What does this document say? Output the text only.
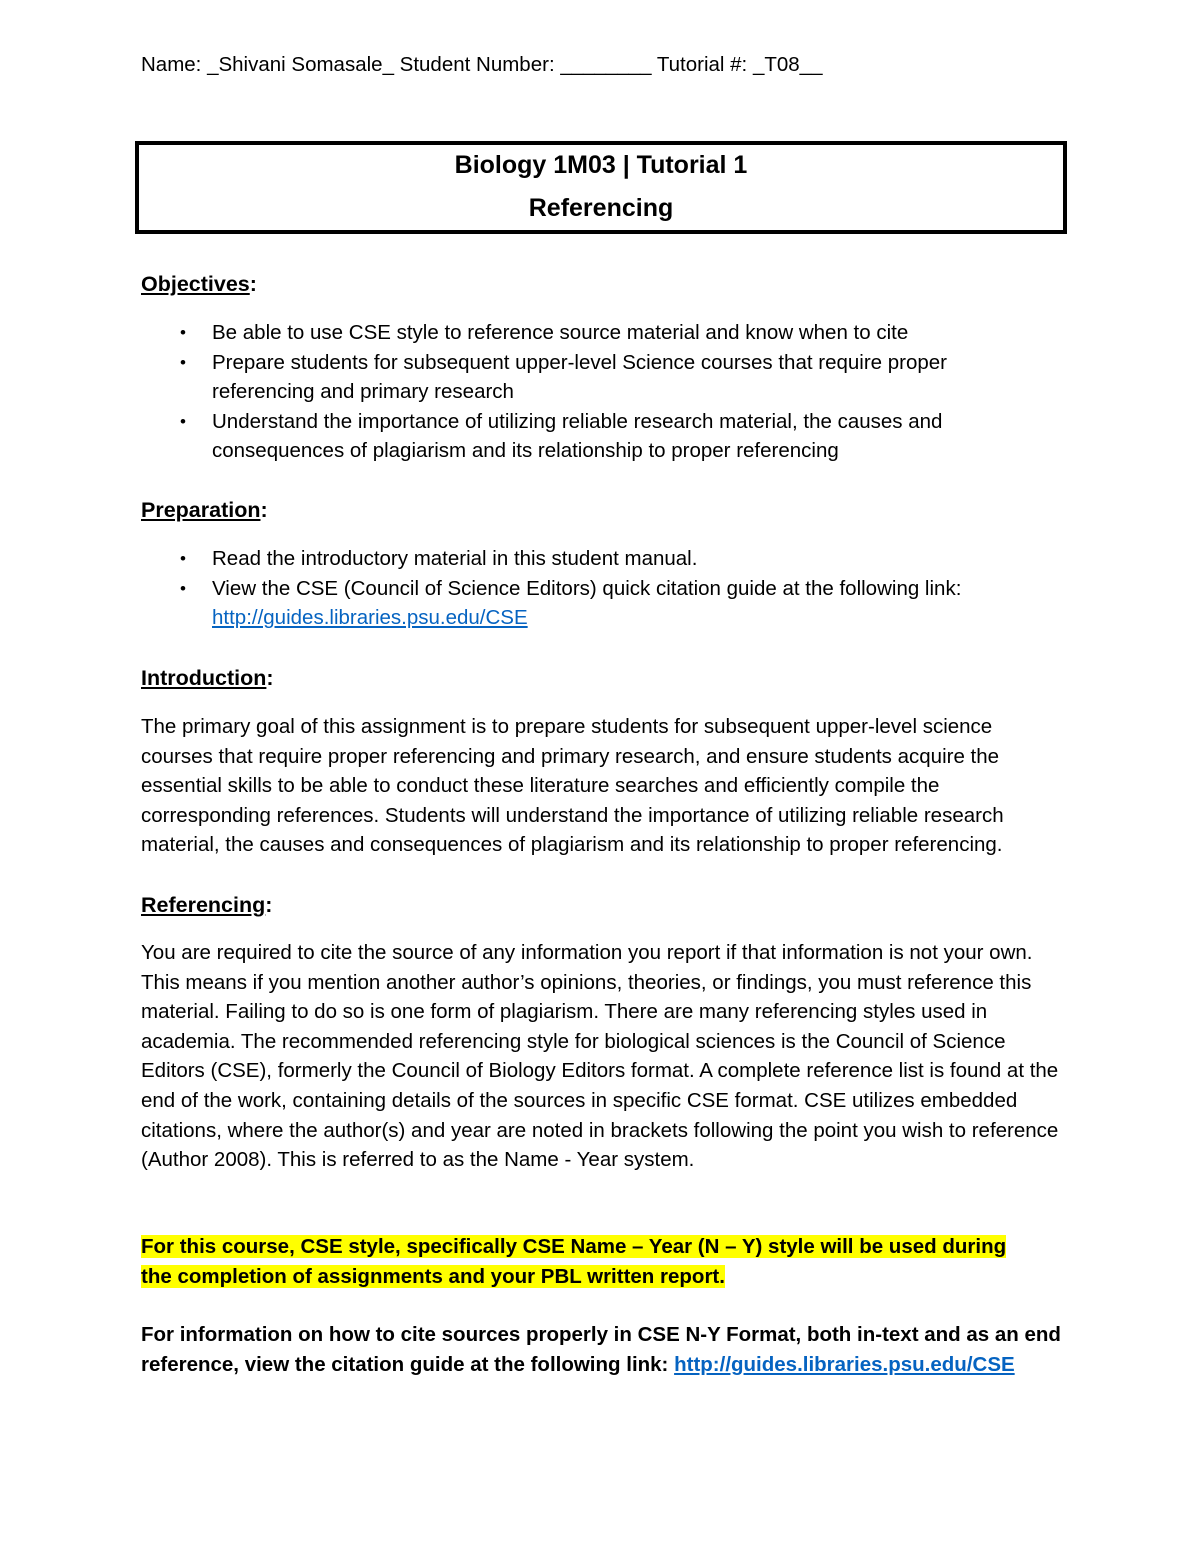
Name: _Shivani Somasale_ Student Number: ________ Tutorial #: _T08__
Biology 1M03 | Tutorial 1
Referencing
Objectives:
• Be able to use CSE style to reference source material and know when to cite
• Prepare students for subsequent upper-level Science courses that require proper referencing and primary research
• Understand the importance of utilizing reliable research material, the causes and consequences of plagiarism and its relationship to proper referencing
Preparation:
• Read the introductory material in this student manual.
• View the CSE (Council of Science Editors) quick citation guide at the following link:
http://guides.libraries.psu.edu/CSE
Introduction:

The primary goal of this assignment is to prepare students for subsequent upper-level science courses that require proper referencing and primary research, and ensure students acquire the essential skills to be able to conduct these literature searches and efficiently compile the corresponding references. Students will understand the importance of utilizing reliable research material, the causes and consequences of plagiarism and its relationship to proper referencing.

Referencing:

You are required to cite the source of any information you report if that information is not your own. This means if you mention another author’s opinions, theories, or findings, you must reference this material. Failing to do so is one form of plagiarism. There are many referencing styles used in academia. The recommended referencing style for biological sciences is the Council of Science Editors (CSE), formerly the Council of Biology Editors format. A complete reference list is found at the end of the work, containing details of the sources in specific CSE format. CSE utilizes embedded citations, where the author(s) and year are noted in brackets following the point you wish to reference (Author 2008). This is referred to as the Name - Year system.

For this course, CSE style, specifically CSE Name – Year (N – Y) style will be used during the completion of assignments and your PBL written report.

For information on how to cite sources properly in CSE N-Y Format, both in-text and as an end reference, view the citation guide at the following link: http://guides.libraries.psu.edu/CSE
